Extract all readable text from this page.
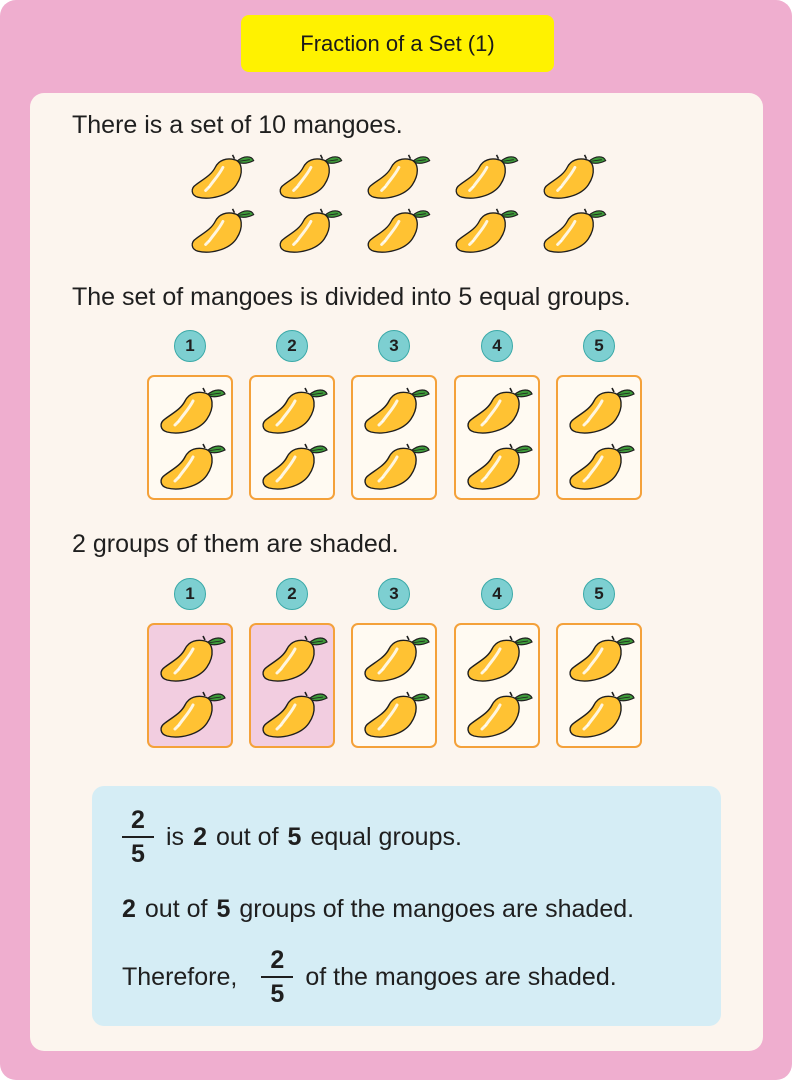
Fraction of a Set (1)
There is a set of 10 mangoes.
The set of mangoes is divided into 5 equal groups.
1	2	3	4	5
2 groups of them are shaded.
1	2	3	4	5
$\frac{2}{5}$ is 2 out of 5 equal groups.
2 out of 5 groups of the mangoes are shaded.
Therefore, $\frac{2}{5}$ of the mangoes are shaded.
